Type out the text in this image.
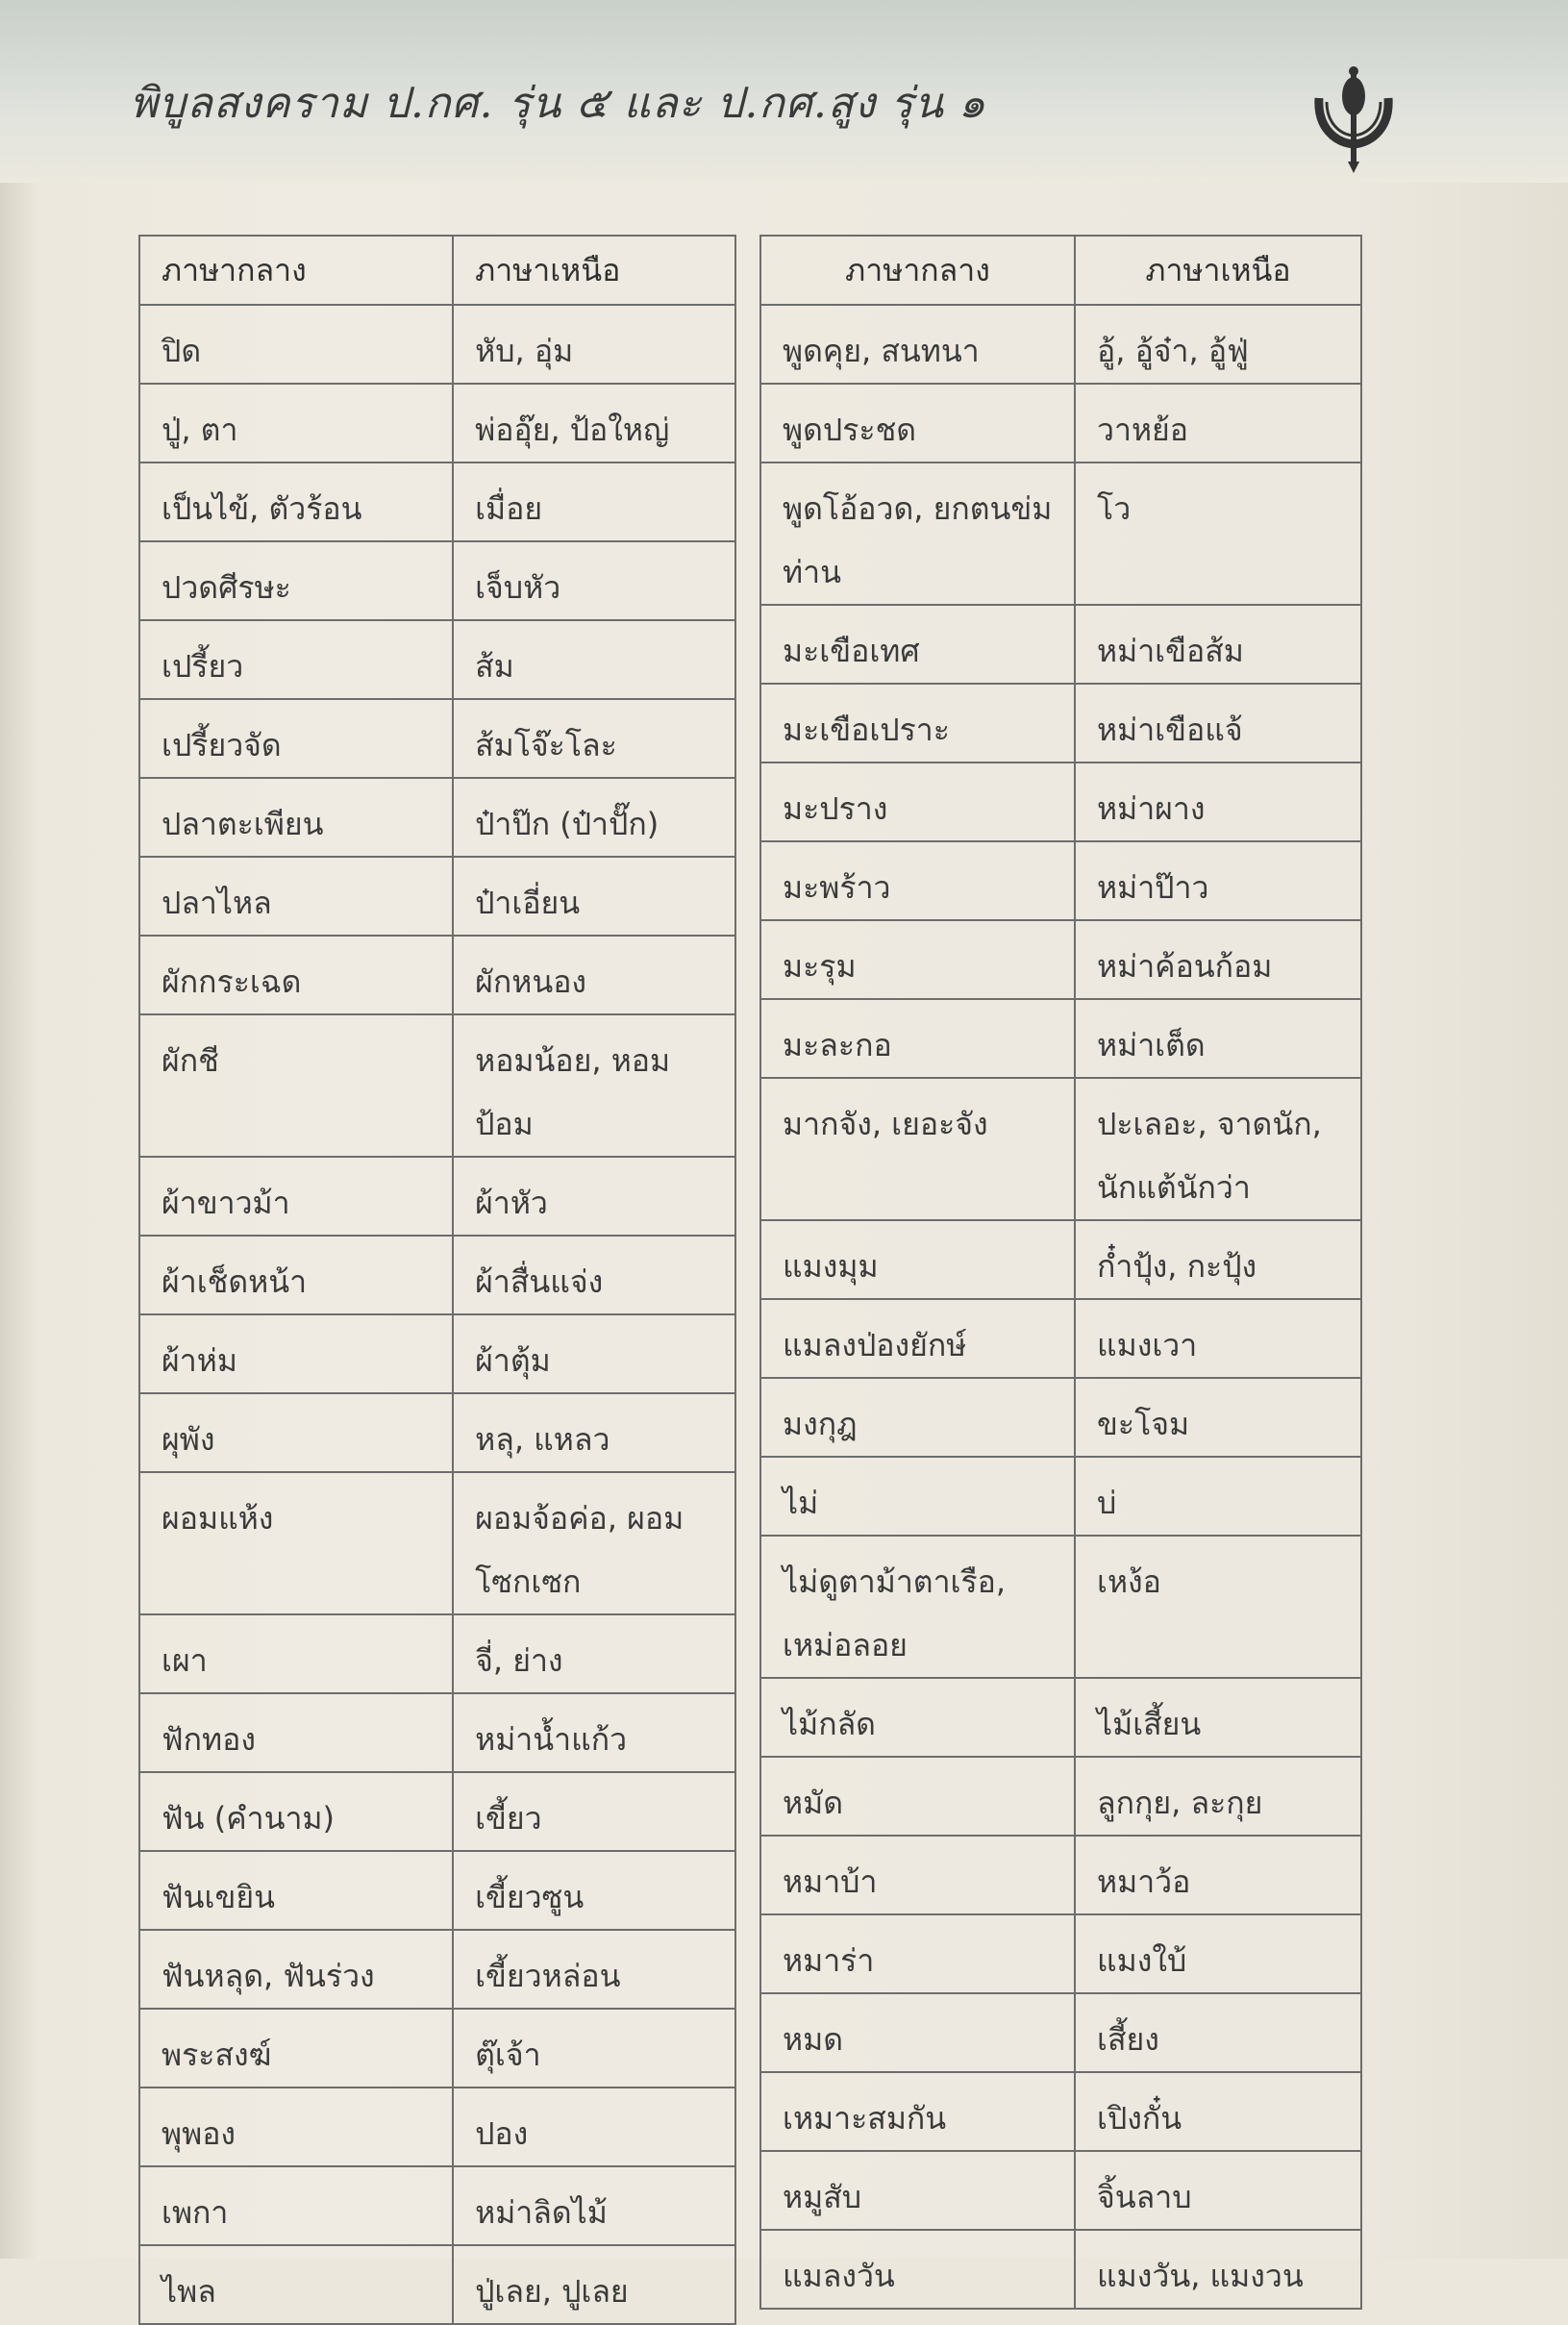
พิบูลสงคราม ป.กศ. รุ่น ๕ และ ป.กศ.สูง รุ่น ๑
ภาษากลาง	ภาษาเหนือ
ปิด	หับ, อุ่ม
ปู่, ตา	พ่ออุ๊ย, ป้อใหญ่
เป็นไข้, ตัวร้อน	เมื่อย
ปวดศีรษะ	เจ็บหัว
เปรี้ยว	ส้ม
เปรี้ยวจัด	ส้มโจ๊ะโละ
ปลาตะเพียน	ป๋าป๊ก (ป๋าปั๊ก)
ปลาไหล	ป๋าเอี่ยน
ผักกระเฉด	ผักหนอง
ผักชี	หอมน้อย, หอม ป้อม
ผ้าขาวม้า	ผ้าหัว
ผ้าเช็ดหน้า	ผ้าสื่นแจ่ง
ผ้าห่ม	ผ้าตุ้ม
ผุพัง	หลุ, แหลว
ผอมแห้ง	ผอมจ้อค่อ, ผอม โซกเซก
เผา	จี่, ย่าง
ฟักทอง	หม่าน้ำแก้ว
ฟัน (คำนาม)	เขี้ยว
ฟันเขยิน	เขี้ยวซูน
ฟันหลุด, ฟันร่วง	เขี้ยวหล่อน
พระสงฆ์	ตุ๊เจ้า
พุพอง	ปอง
เพกา	หม่าลิดไม้
ไพล	ปู่เลย, ปูเลย
ภาษากลาง	ภาษาเหนือ
พูดคุย, สนทนา	อู้, อู้จ๋า, อู้ฟู่
พูดประชด	วาหย้อ
พูดโอ้อวด, ยกตนข่ม ท่าน	โว
มะเขือเทศ	หม่าเขือส้ม
มะเขือเปราะ	หม่าเขือแจ้
มะปราง	หม่าผาง
มะพร้าว	หม่าป๊าว
มะรุม	หม่าค้อนก้อม
มะละกอ	หม่าเต็ด
มากจัง, เยอะจัง	ปะเลอะ, จาดนัก, นักแต้นักว่า
แมงมุม	ก๋ำปุ้ง, กะปุ้ง
แมลงป่องยักษ์	แมงเวา
มงกุฎ	ขะโจม
ไม่	บ่
ไม่ดูตาม้าตาเรือ, เหม่อลอย	เหง้อ
ไม้กลัด	ไม้เสี้ยน
หมัด	ลูกกุย, ละกุย
หมาบ้า	หมาว้อ
หมาร่า	แมงใบ้
หมด	เสี้ยง
เหมาะสมกัน	เปิงกั๋น
หมูสับ	จิ้นลาบ
แมลงวัน	แมงวัน, แมงวน
